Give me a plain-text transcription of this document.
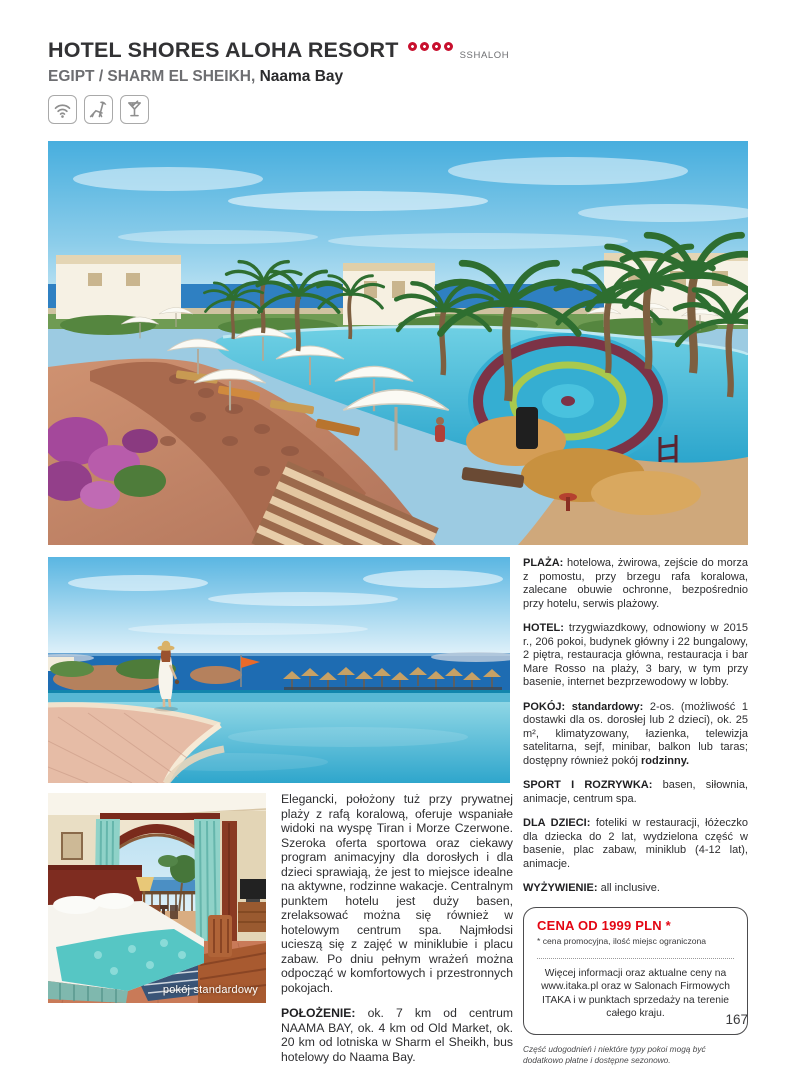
HOTEL SHORES ALOHA RESORT	SSHALOH
EGIPT / SHARM EL SHEIKH, Naama Bay
pokój standardowy

Elegancki, położony tuż przy prywatnej plaży z rafą koralową, oferuje wspaniałe widoki na wyspę Tiran i Morze Czerwone. Szeroka oferta sportowa oraz ciekawy program animacyjny dla dorosłych i dla dzieci sprawiają, że jest to miejsce idealne na aktywne, rodzinne wakacje. Centralnym punktem hotelu jest duży basen, zrelaksować można się również w hotelowym centrum spa. Najmłodsi ucieszą się z zajęć w miniklubie i placu zabaw. Po dniu pełnym wrażeń można odpocząć w komfortowych i przestronnych pokojach.

POŁOŻENIE: ok. 7 km od centrum NAAMA BAY, ok. 4 km od Old Market, ok. 20 km od lotniska w Sharm el Sheikh, bus hotelowy do Naama Bay.

PLAŻA: hotelowa, żwirowa, zejście do morza z pomostu, przy brzegu rafa koralowa, zalecane obuwie ochronne, bezpośrednio przy hotelu, serwis plażowy.

HOTEL: trzygwiazdkowy, odnowiony w 2015 r., 206 pokoi, budynek główny i 22 bungalowy, 2 piętra, restauracja główna, restauracja i bar Mare Rosso na plaży, 3 bary, w tym przy basenie, internet bezprzewodowy w lobby.

POKÓJ: standardowy: 2-os. (możliwość 1 dostawki dla os. dorosłej lub 2 dzieci), ok. 25 m², klimatyzowany, łazienka, telewizja satelitarna, sejf, minibar, balkon lub taras; dostępny również pokój rodzinny.

SPORT I ROZRYWKA: basen, siłownia, animacje, centrum spa.

DLA DZIECI: foteliki w restauracji, łóżeczko dla dziecka do 2 lat, wydzielona część w basenie, plac zabaw, miniklub (4-12 lat), animacje.

WYŻYWIENIE: all inclusive.

CENA OD 1999 PLN *
* cena promocyjna, ilość miejsc ograniczona
Więcej informacji oraz aktualne ceny na www.itaka.pl oraz w Salonach Firmowych ITAKA i w punktach sprzedaży na terenie całego kraju.
Część udogodnień i niektóre typy pokoi mogą być dodatkowo płatne i dostępne sezonowo.
167
